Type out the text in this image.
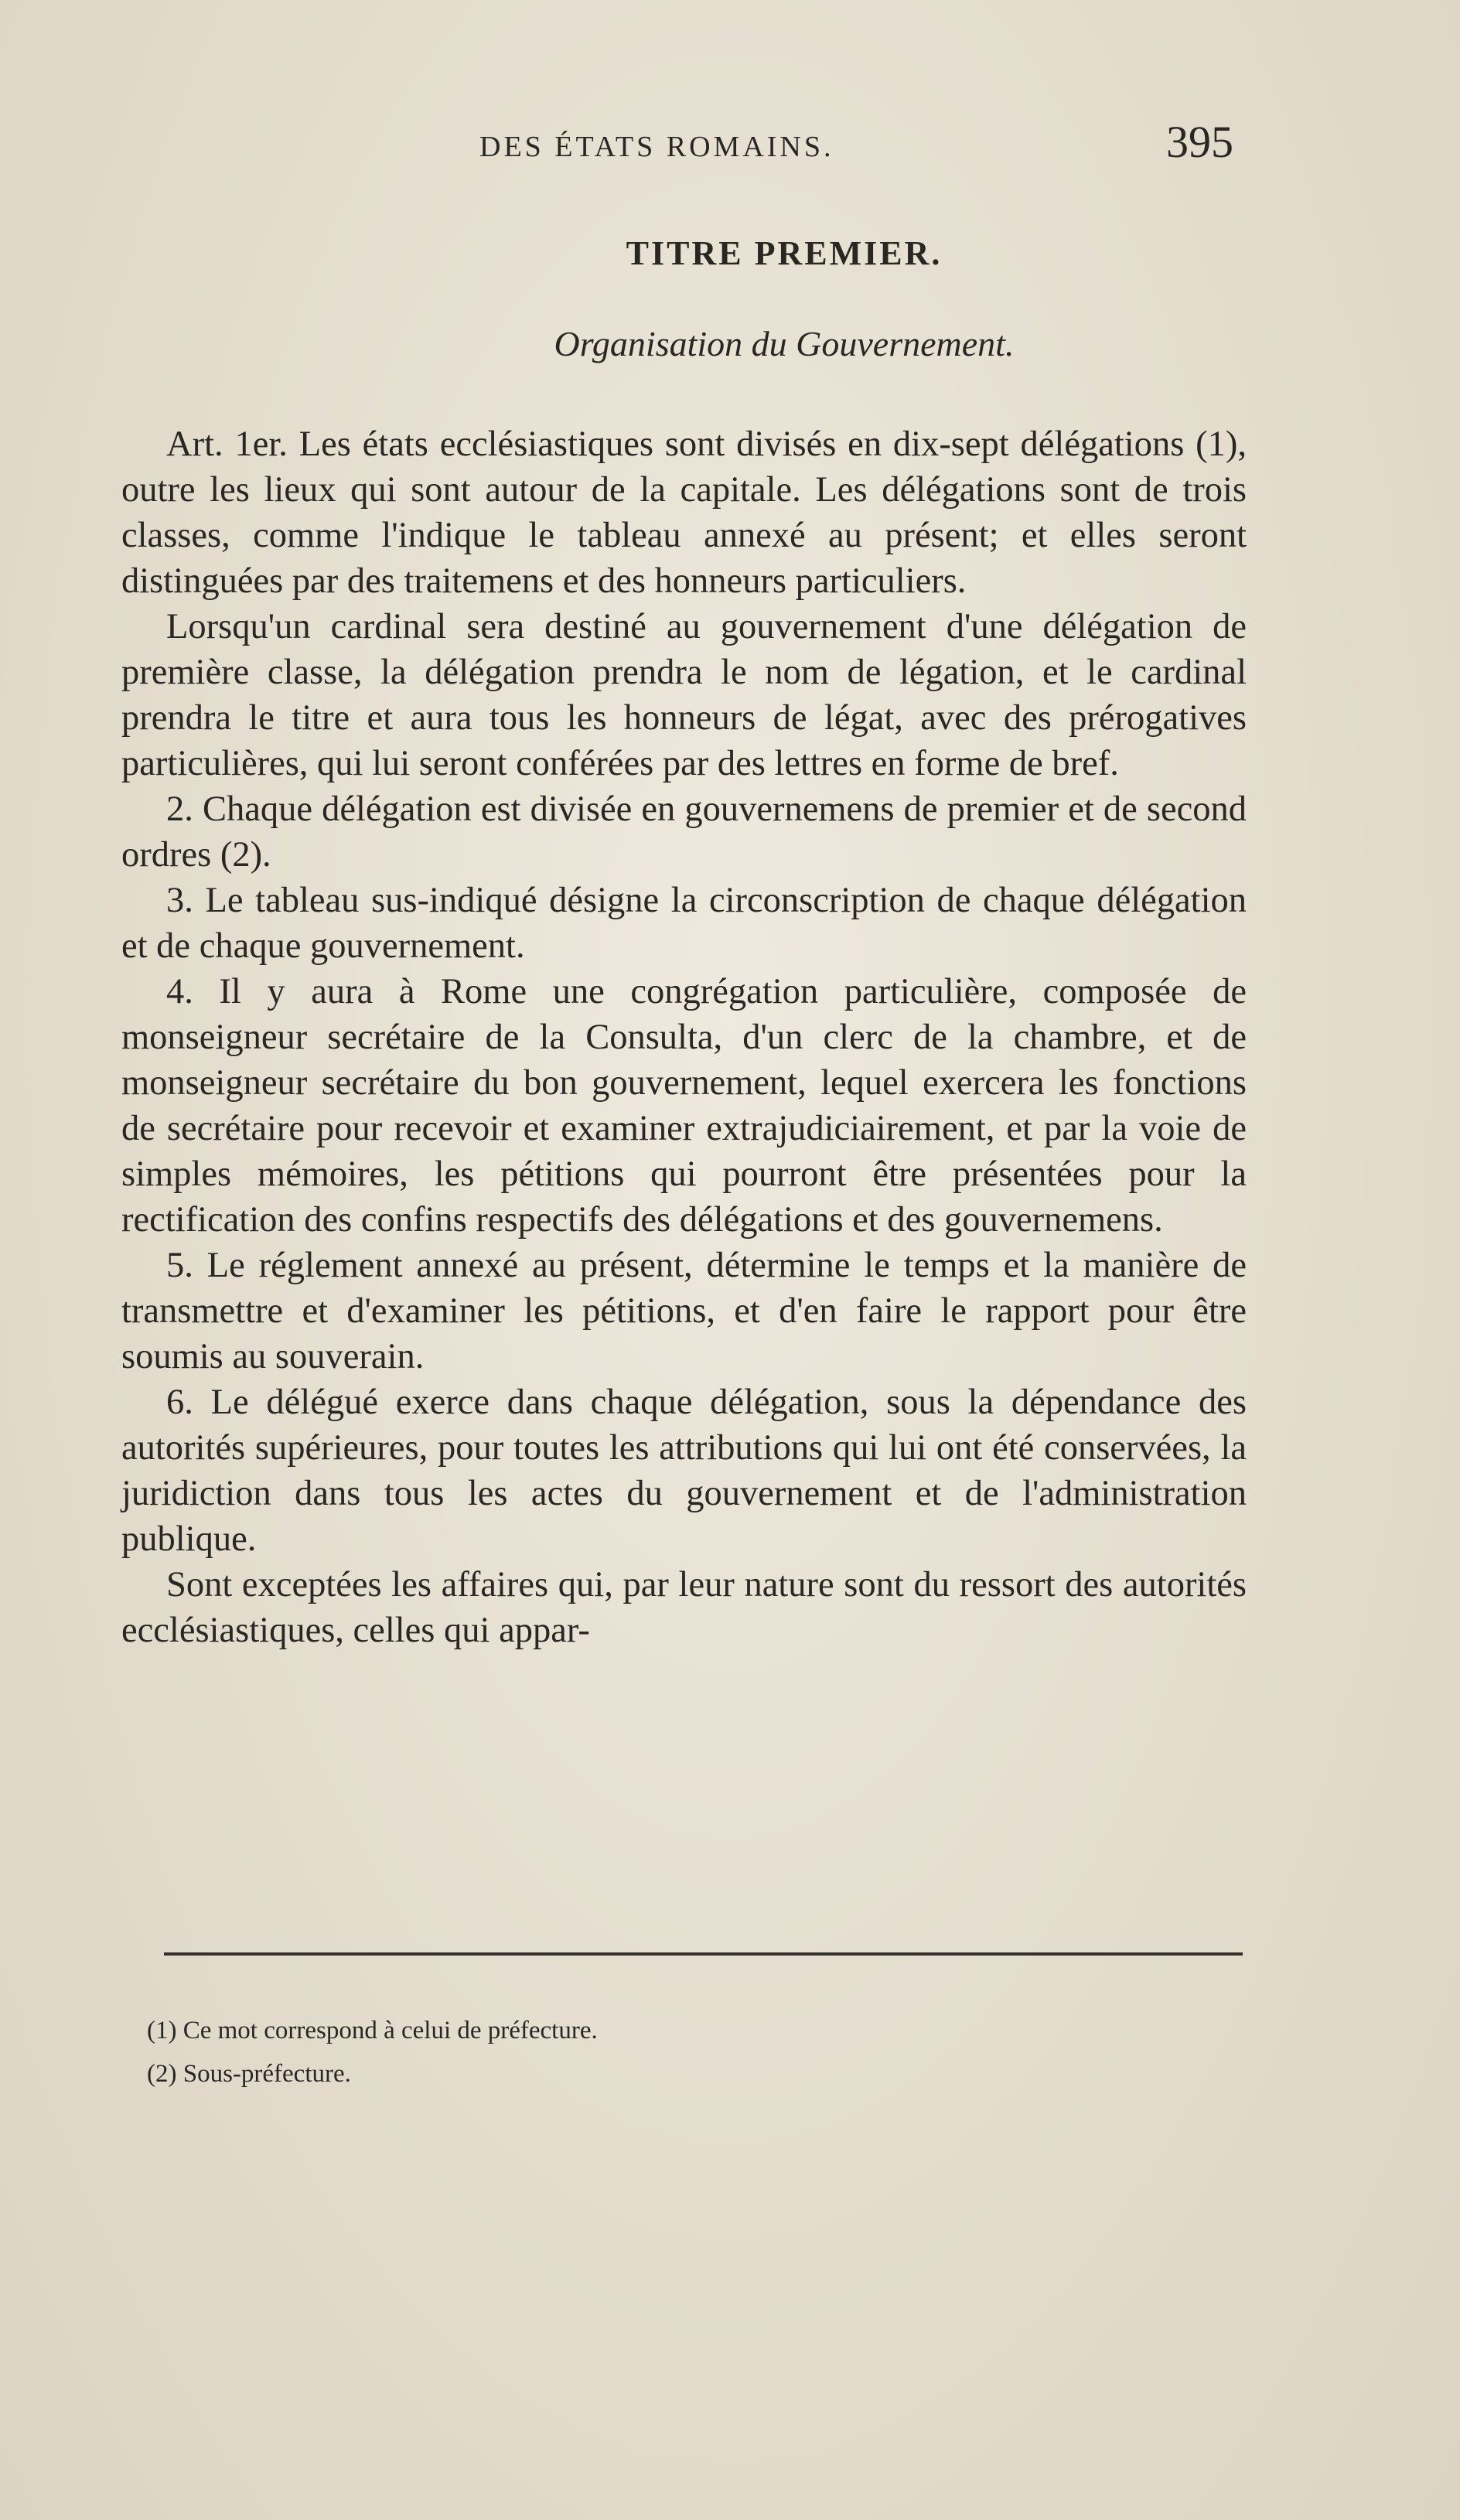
DES ÉTATS ROMAINS.	395
TITRE PREMIER.
Organisation du Gouvernement.

Art. 1er. Les états ecclésiastiques sont divisés en dix-sept délégations (1), outre les lieux qui sont autour de la capitale. Les délégations sont de trois classes, comme l'indique le tableau annexé au présent; et elles seront distinguées par des traitemens et des honneurs particuliers.

Lorsqu'un cardinal sera destiné au gouvernement d'une délégation de première classe, la délégation prendra le nom de légation, et le cardinal prendra le titre et aura tous les honneurs de légat, avec des prérogatives particulières, qui lui seront conférées par des lettres en forme de bref.

2. Chaque délégation est divisée en gouvernemens de premier et de second ordres (2).

3. Le tableau sus-indiqué désigne la circonscription de chaque délégation et de chaque gouvernement.

4. Il y aura à Rome une congrégation particulière, composée de monseigneur secrétaire de la Consulta, d'un clerc de la chambre, et de monseigneur secrétaire du bon gouvernement, lequel exercera les fonctions de secrétaire pour recevoir et examiner extrajudiciairement, et par la voie de simples mémoires, les pétitions qui pourront être présentées pour la rectification des confins respectifs des délégations et des gouvernemens.

5. Le réglement annexé au présent, détermine le temps et la manière de transmettre et d'examiner les pétitions, et d'en faire le rapport pour être soumis au souverain.

6. Le délégué exerce dans chaque délégation, sous la dépendance des autorités supérieures, pour toutes les attributions qui lui ont été conservées, la juridiction dans tous les actes du gouvernement et de l'administration publique.

Sont exceptées les affaires qui, par leur nature sont du ressort des autorités ecclésiastiques, celles qui appar-

(1) Ce mot correspond à celui de préfecture.
(2) Sous-préfecture.
